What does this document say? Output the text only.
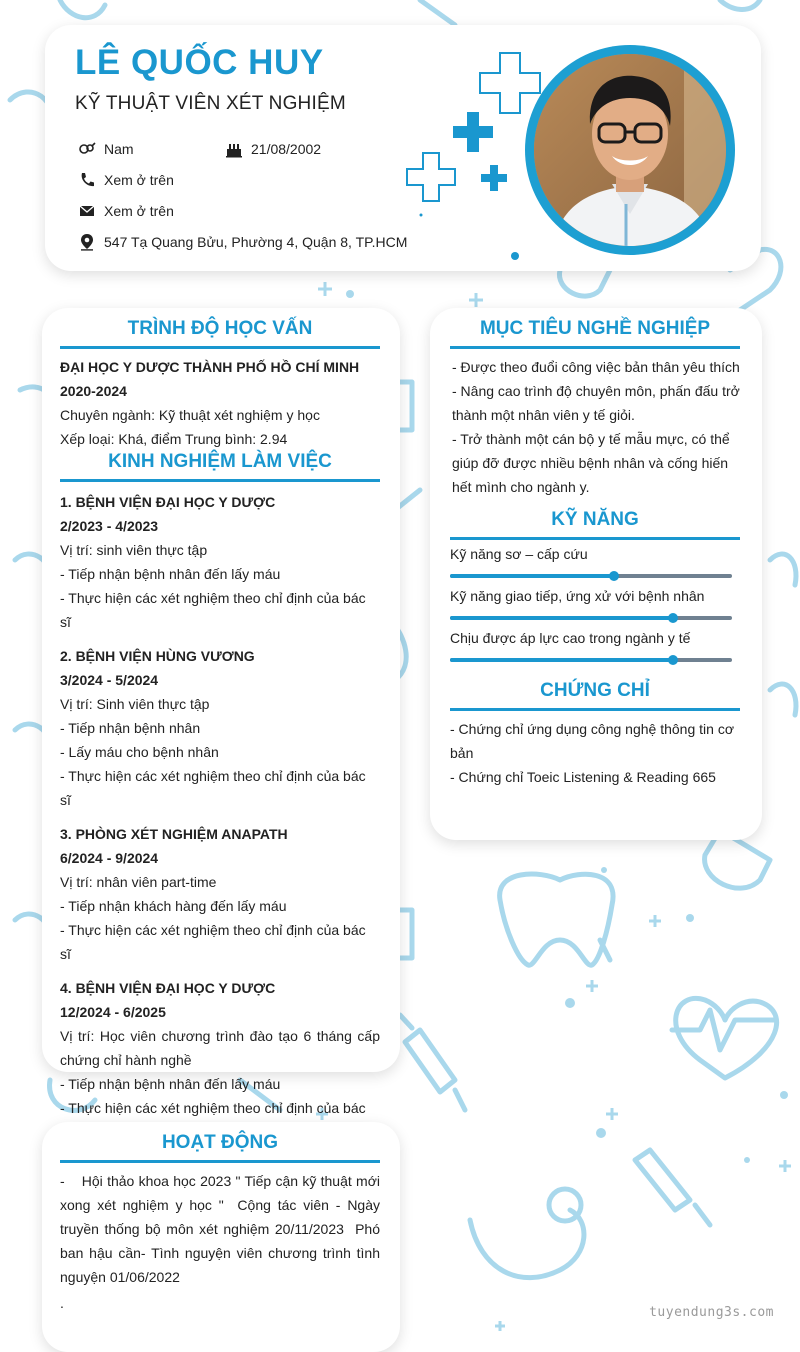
LÊ QUỐC HUY
KỸ THUẬT VIÊN XÉT NGHIỆM
Nam	21/08/2002
Xem ở trên
Xem ở trên
547 Tạ Quang Bửu, Phường 4, Quận 8, TP.HCM
TRÌNH ĐỘ HỌC VẤN
ĐẠI HỌC Y DƯỢC THÀNH PHỐ HỒ CHÍ MINH
2020-2024
Chuyên ngành: Kỹ thuật xét nghiệm y học
Xếp loại: Khá, điểm Trung bình: 2.94
KINH NGHIỆM LÀM VIỆC
1. BỆNH VIỆN ĐẠI HỌC Y DƯỢC
2/2023 - 4/2023
Vị trí: sinh viên thực tập
- Tiếp nhận bệnh nhân đến lấy máu
- Thực hiện các xét nghiệm theo chỉ định của bác sĩ
2. BỆNH VIỆN HÙNG VƯƠNG
3/2024 - 5/2024
Vị trí: Sinh viên thực tập
- Tiếp nhận bệnh nhân
- Lấy máu cho bệnh nhân
- Thực hiện các xét nghiệm theo chỉ định của bác sĩ
3. PHÒNG XÉT NGHIỆM ANAPATH
6/2024 - 9/2024
Vị trí: nhân viên part-time
- Tiếp nhận khách hàng đến lấy máu
- Thực hiện các xét nghiệm theo chỉ định của bác sĩ
4. BỆNH VIỆN ĐẠI HỌC Y DƯỢC
12/2024 - 6/2025
Vị trí: Học viên chương trình đào tạo 6 tháng cấp chứng chỉ hành nghề
- Tiếp nhận bệnh nhân đến lấy máu
- Thực hiện các xét nghiệm theo chỉ định của bác
MỤC TIÊU NGHỀ NGHIỆP
- Được theo đuổi công việc bản thân yêu thích
- Nâng cao trình độ chuyên môn, phấn đấu trở thành một nhân viên y tế giỏi.
- Trở thành một cán bộ y tế mẫu mực, có thể giúp đỡ được nhiều bệnh nhân và cống hiến hết mình cho ngành y.
KỸ NĂNG
Kỹ năng sơ – cấp cứu
Kỹ năng giao tiếp, ứng xử với bệnh nhân
Chịu được áp lực cao trong ngành y tế
CHỨNG CHỈ
- Chứng chỉ ứng dụng công nghệ thông tin cơ bản
- Chứng chỉ Toeic Listening & Reading 665
HOẠT ĐỘNG
-    Hội thảo khoa học 2023 " Tiếp cận kỹ thuật mới xong xét nghiệm y học "  Cộng tác viên - Ngày truyền thống bộ môn xét nghiệm 20/11/2023  Phó ban hậu cần- Tình nguyện viên chương trình tình nguyện 01/06/2022
.
tuyendung3s.com
